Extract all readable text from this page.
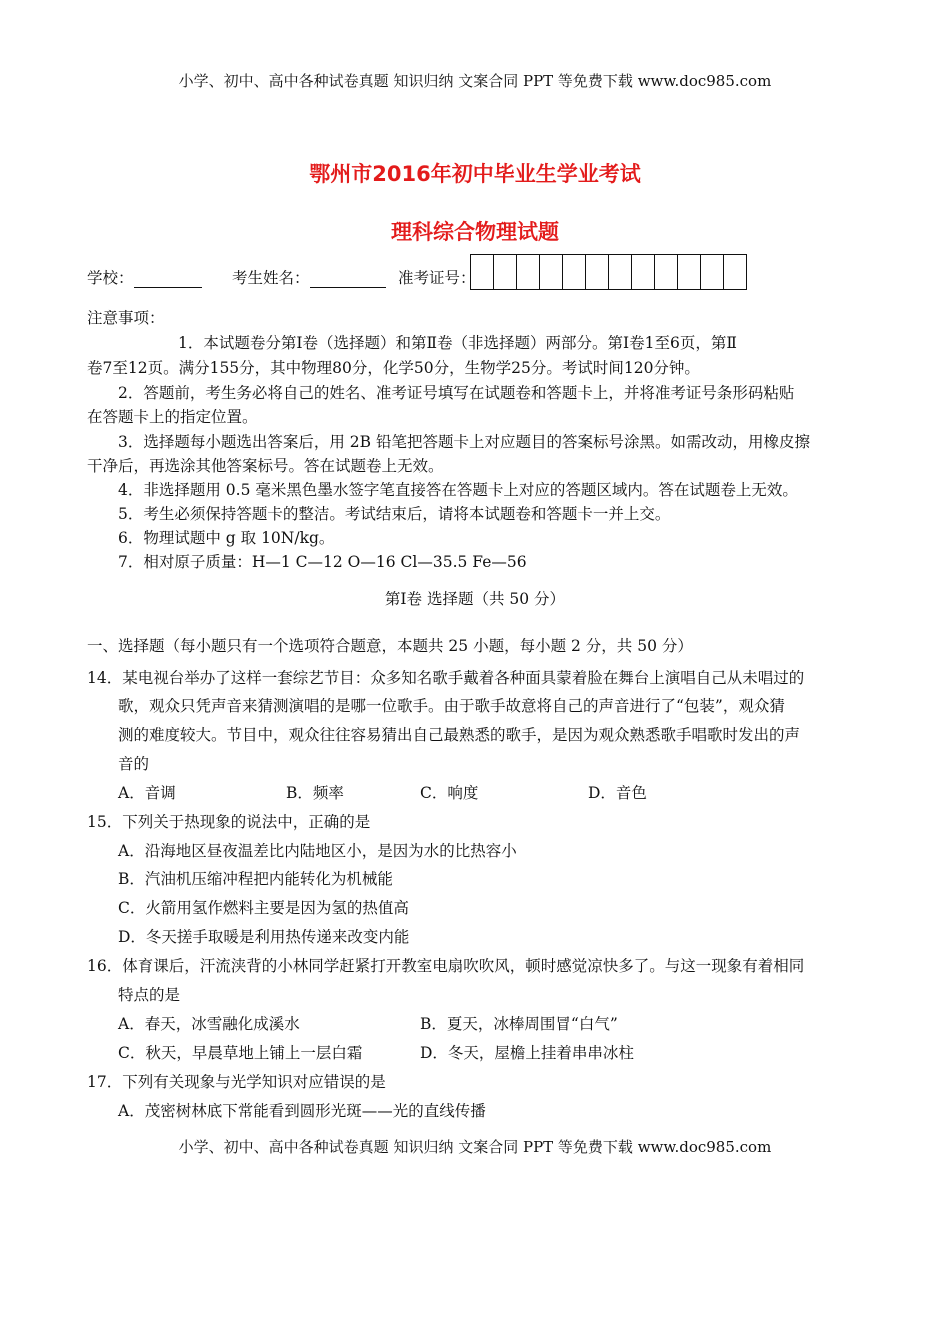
小学、初中、高中各种试卷真题 知识归纳 文案合同 PPT 等免费下载 www.doc985.com
鄂州市2016年初中毕业生学业考试
理科综合物理试题
学校：	考生姓名：	准考证号：
注意事项：
1．本试题卷分第Ⅰ卷（选择题）和第Ⅱ卷（非选择题）两部分。第Ⅰ卷1至6页，第Ⅱ
卷7至12页。满分155分，其中物理80分，化学50分，生物学25分。考试时间120分钟。
2．答题前，考生务必将自己的姓名、准考证号填写在试题卷和答题卡上，并将准考证号条形码粘贴
在答题卡上的指定位置。
3．选择题每小题选出答案后，用 2B 铅笔把答题卡上对应题目的答案标号涂黑。如需改动，用橡皮擦
干净后，再选涂其他答案标号。答在试题卷上无效。
4．非选择题用 0.5 毫米黑色墨水签字笔直接答在答题卡上对应的答题区域内。答在试题卷上无效。
5．考生必须保持答题卡的整洁。考试结束后，请将本试题卷和答题卡一并上交。
6．物理试题中 g 取 10N/kg。
7．相对原子质量：H—1 C—12 O—16 Cl—35.5 Fe—56
第Ⅰ卷 选择题（共 50 分）
一、选择题（每小题只有一个选项符合题意，本题共 25 小题，每小题 2 分，共 50 分）
14．某电视台举办了这样一套综艺节目：众多知名歌手戴着各种面具蒙着脸在舞台上演唱自己从未唱过的
歌，观众只凭声音来猜测演唱的是哪一位歌手。由于歌手故意将自己的声音进行了“包装”，观众猜
测的难度较大。节目中，观众往往容易猜出自己最熟悉的歌手，是因为观众熟悉歌手唱歌时发出的声
音的
A．音调	B．频率	C．响度	D．音色
15．下列关于热现象的说法中，正确的是
A．沿海地区昼夜温差比内陆地区小，是因为水的比热容小
B．汽油机压缩冲程把内能转化为机械能
C．火箭用氢作燃料主要是因为氢的热值高
D．冬天搓手取暖是利用热传递来改变内能
16．体育课后，汗流浃背的小林同学赶紧打开教室电扇吹吹风，顿时感觉凉快多了。与这一现象有着相同
特点的是
A．春天，冰雪融化成溪水	B．夏天，冰棒周围冒“白气”
C．秋天，早晨草地上铺上一层白霜	D．冬天，屋檐上挂着串串冰柱
17．下列有关现象与光学知识对应错误的是
A．茂密树林底下常能看到圆形光斑——光的直线传播
小学、初中、高中各种试卷真题 知识归纳 文案合同 PPT 等免费下载 www.doc985.com
